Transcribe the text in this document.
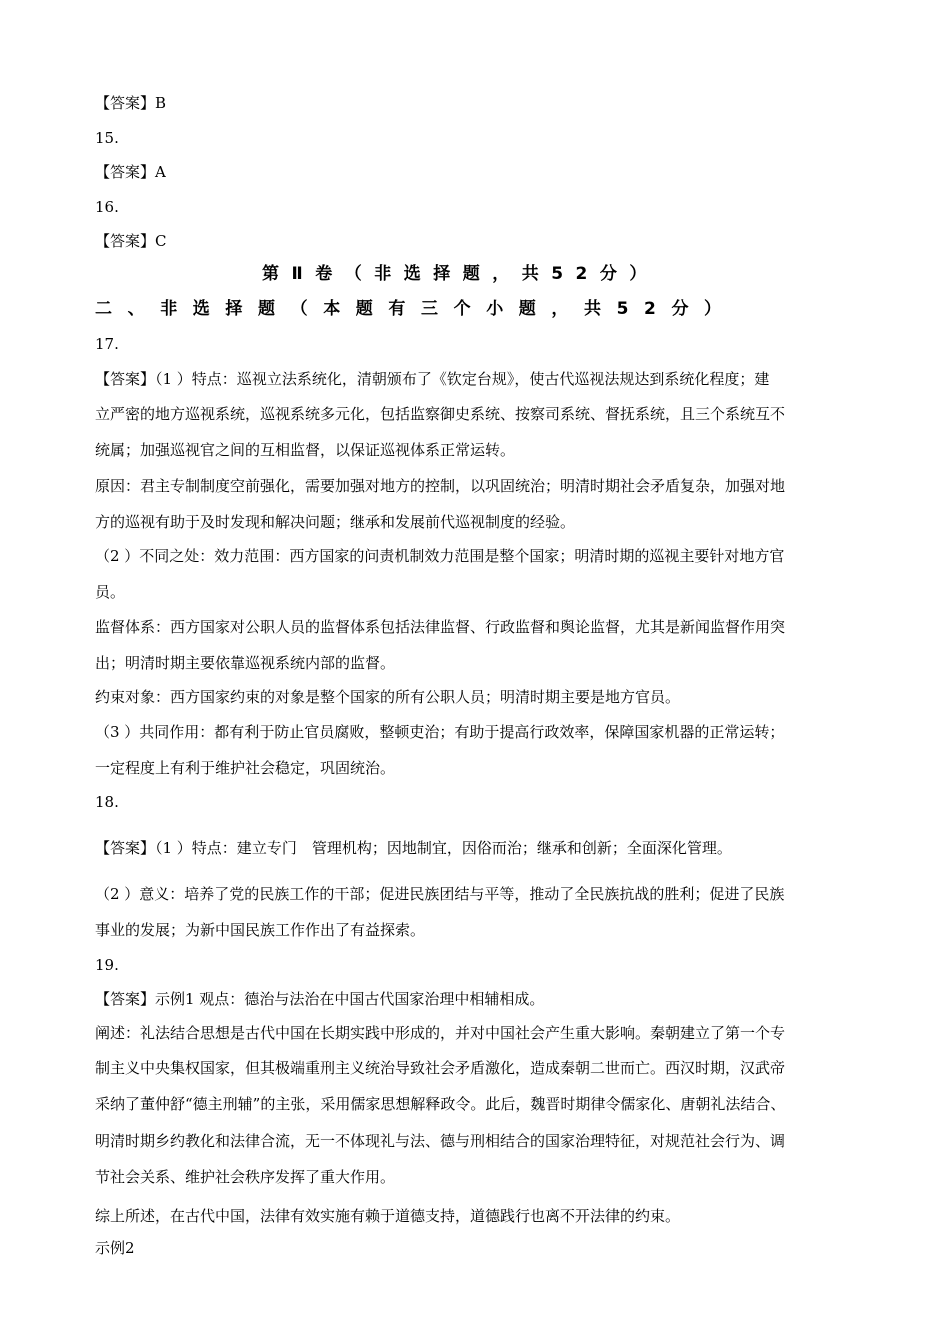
【答案】B
15.
【答案】A
16.
【答案】C
第Ⅱ卷（非选择题，共52分）
二、非选择题（本题有三个小题，共52分）
17.
【答案】（1 ）特点：巡视立法系统化，清朝颁布了《钦定台规》，使古代巡视法规达到系统化程度；建
立严密的地方巡视系统，巡视系统多元化，包括监察御史系统、按察司系统、督抚系统，且三个系统互不
统属；加强巡视官之间的互相监督，以保证巡视体系正常运转。
原因：君主专制制度空前强化，需要加强对地方的控制，以巩固统治；明清时期社会矛盾复杂，加强对地
方的巡视有助于及时发现和解决问题；继承和发展前代巡视制度的经验。
（2 ）不同之处：效力范围：西方国家的问责机制效力范围是整个国家；明清时期的巡视主要针对地方官
员。
监督体系：西方国家对公职人员的监督体系包括法律监督、行政监督和舆论监督，尤其是新闻监督作用突
出；明清时期主要依靠巡视系统内部的监督。
约束对象：西方国家约束的对象是整个国家的所有公职人员；明清时期主要是地方官员。
（3 ）共同作用：都有利于防止官员腐败，整顿吏治；有助于提高行政效率，保障国家机器的正常运转；
一定程度上有利于维护社会稳定，巩固统治。
18.
【答案】（1 ）特点：建立专门　管理机构；因地制宜，因俗而治；继承和创新；全面深化管理。
（2 ）意义：培养了党的民族工作的干部；促进民族团结与平等，推动了全民族抗战的胜利；促进了民族
事业的发展；为新中国民族工作作出了有益探索。
19.
【答案】示例1 观点：德治与法治在中国古代国家治理中相辅相成。
阐述：礼法结合思想是古代中国在长期实践中形成的，并对中国社会产生重大影响。秦朝建立了第一个专
制主义中央集权国家，但其极端重刑主义统治导致社会矛盾激化，造成秦朝二世而亡。西汉时期，汉武帝
采纳了董仲舒“德主刑辅”的主张，采用儒家思想解释政令。此后，魏晋时期律令儒家化、唐朝礼法结合、
明清时期乡约教化和法律合流，无一不体现礼与法、德与刑相结合的国家治理特征，对规范社会行为、调
节社会关系、维护社会秩序发挥了重大作用。
综上所述，在古代中国，法律有效实施有赖于道德支持，道德践行也离不开法律的约束。
示例2
